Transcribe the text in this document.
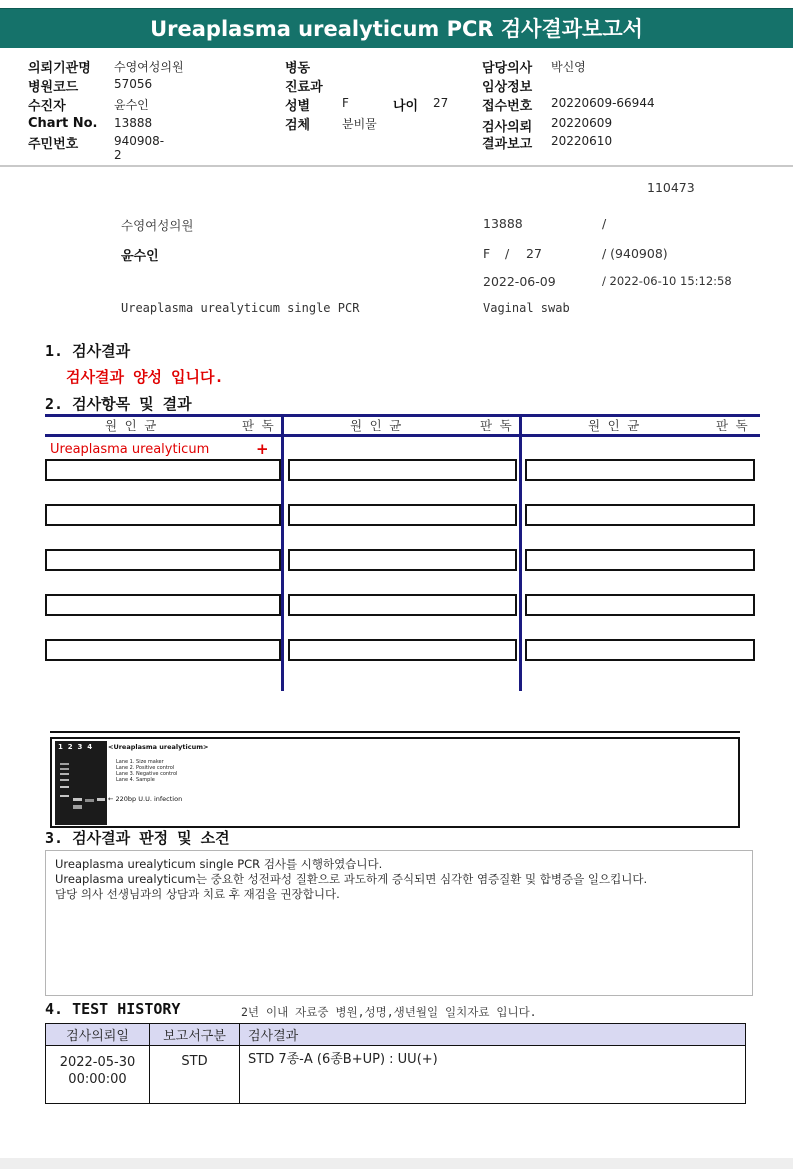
Ureaplasma urealyticum PCR 검사결과보고서
의뢰기관명 수영여성의원
병원코드	57056
수진자	윤수인
Chart No. 13888
주민번호	940908-2
병동
진료과
성별	F	나이 27
검체	분비물
담당의사 박신영
임상정보
접수번호 20220609-66944
검사의뢰 20220609
결과보고 20220610
110473
수영여성의원	13888	/
윤수인	F / 27	/ (940908)
2022-06-09	/ 2022-06-10 15:12:58
Ureaplasma urealyticum single PCR	Vaginal swab
1. 검사결과
검사결과 양성 입니다.
2. 검사항목 및 결과
원 인 균	판 독	원 인 균	판 독	원 인 균	판 독
Ureaplasma urealyticum	+
1  2  3  4 <Ureaplasma urealyticum>
Lane 1. Size maker
Lane 2. Positive control
Lane 3. Negative control
Lane 4. Sample
← 220bp U.U. infection
3. 검사결과 판정 및 소견
Ureaplasma urealyticum single PCR 검사를 시행하였습니다.
Ureaplasma urealyticum는 중요한 성전파성 질환으로 과도하게 증식되면 심각한 염증질환 및 합병증을 일으킵니다.
담당 의사 선생님과의 상담과 치료 후 재검을 권장합니다.
4. TEST HISTORY	2년 이내 자료중 병원,성명,생년월일 일치자료 입니다.
검사의뢰일	보고서구분	검사결과

2022-05-30
00:00:00	STD	STD 7종-A (6종B+UP) : UU(+)
